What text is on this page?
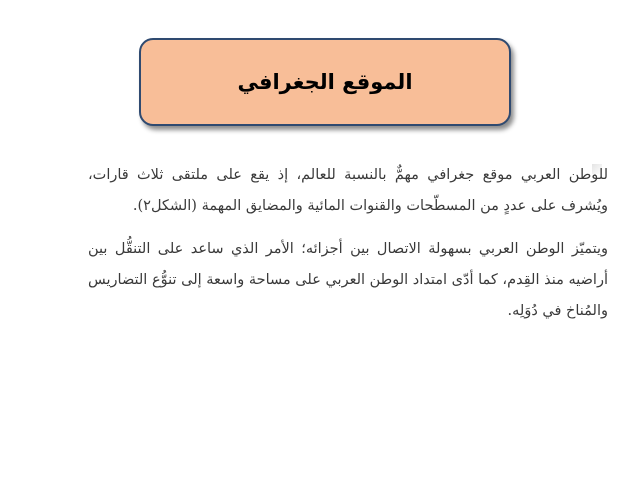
الموقع الجغرافي

للوطن العربي موقع جغرافي مهمٌّ بالنسبة للعالم، إذ يقع على ملتقى ثلاث قارات، ويُشرف على عددٍ من المسطّحات والقنوات المائية والمضايق المهمة (الشكل٢).

ويتميّز الوطن العربي بسهولة الاتصال بين أجزائه؛ الأمر الذي ساعد على التنقُّل بين أراضيه منذ القِدم، كما أدّى امتداد الوطن العربي على مساحة واسعة إلى تنوُّع التضاريس والمُناخ في دُوَلِه.
